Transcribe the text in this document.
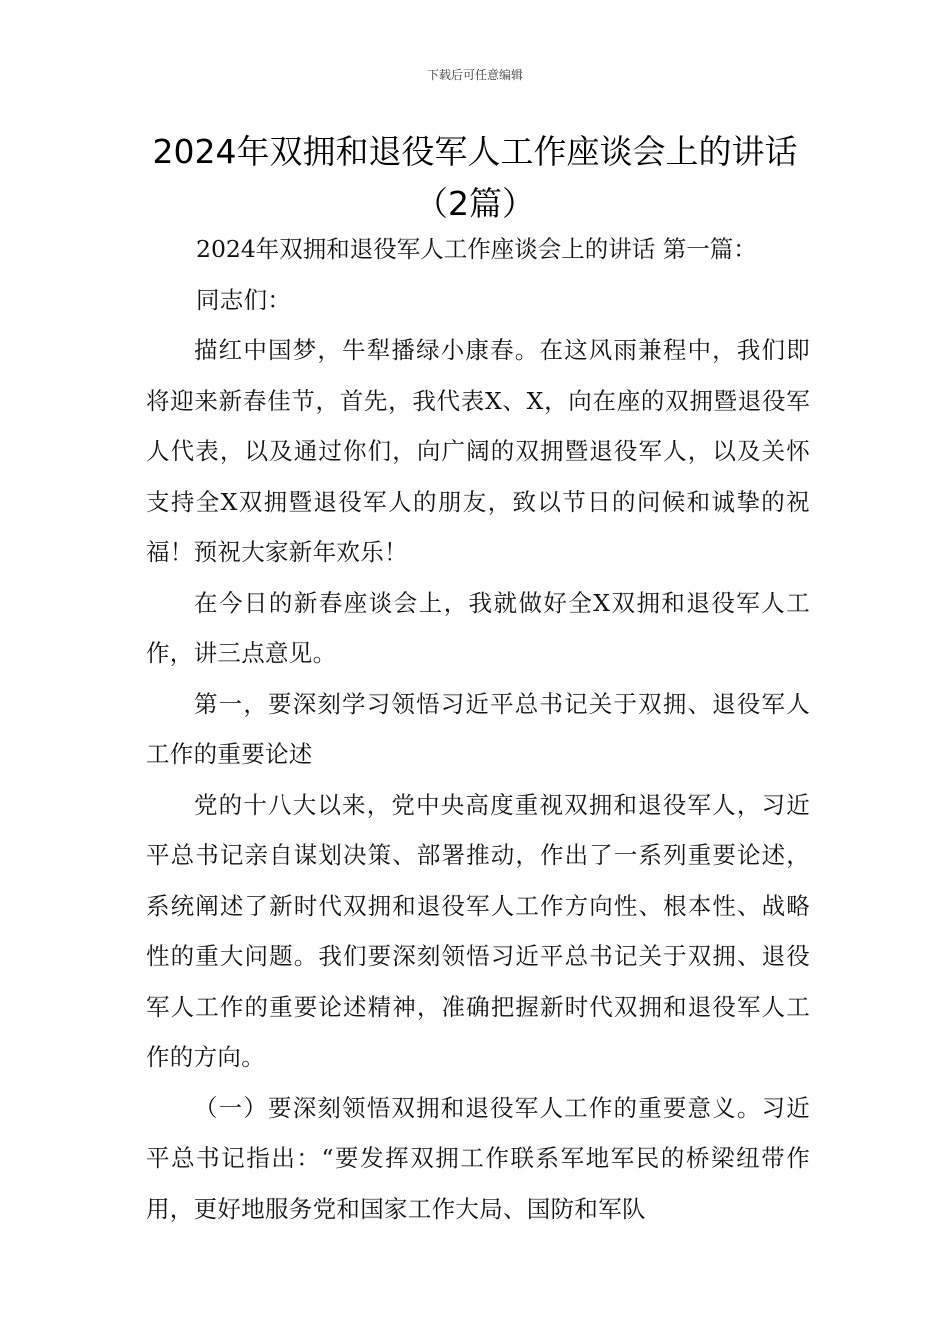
下载后可任意编辑
2024年双拥和退役军人工作座谈会上的讲话（2篇）

2024年双拥和退役军人工作座谈会上的讲话 第一篇：

同志们：

描红中国梦，牛犁播绿小康春。在这风雨兼程中，我们即将迎来新春佳节，首先，我代表X、X，向在座的双拥暨退役军人代表，以及通过你们，向广阔的双拥暨退役军人，以及关怀支持全X双拥暨退役军人的朋友，致以节日的问候和诚挚的祝福！预祝大家新年欢乐！

在今日的新春座谈会上，我就做好全X双拥和退役军人工作，讲三点意见。

第一，要深刻学习领悟习近平总书记关于双拥、退役军人工作的重要论述

党的十八大以来，党中央高度重视双拥和退役军人，习近平总书记亲自谋划决策、部署推动，作出了一系列重要论述，系统阐述了新时代双拥和退役军人工作方向性、根本性、战略性的重大问题。我们要深刻领悟习近平总书记关于双拥、退役军人工作的重要论述精神，准确把握新时代双拥和退役军人工作的方向。

（一）要深刻领悟双拥和退役军人工作的重要意义。习近平总书记指出：“要发挥双拥工作联系军地军民的桥梁纽带作用，更好地服务党和国家工作大局、国防和军队
